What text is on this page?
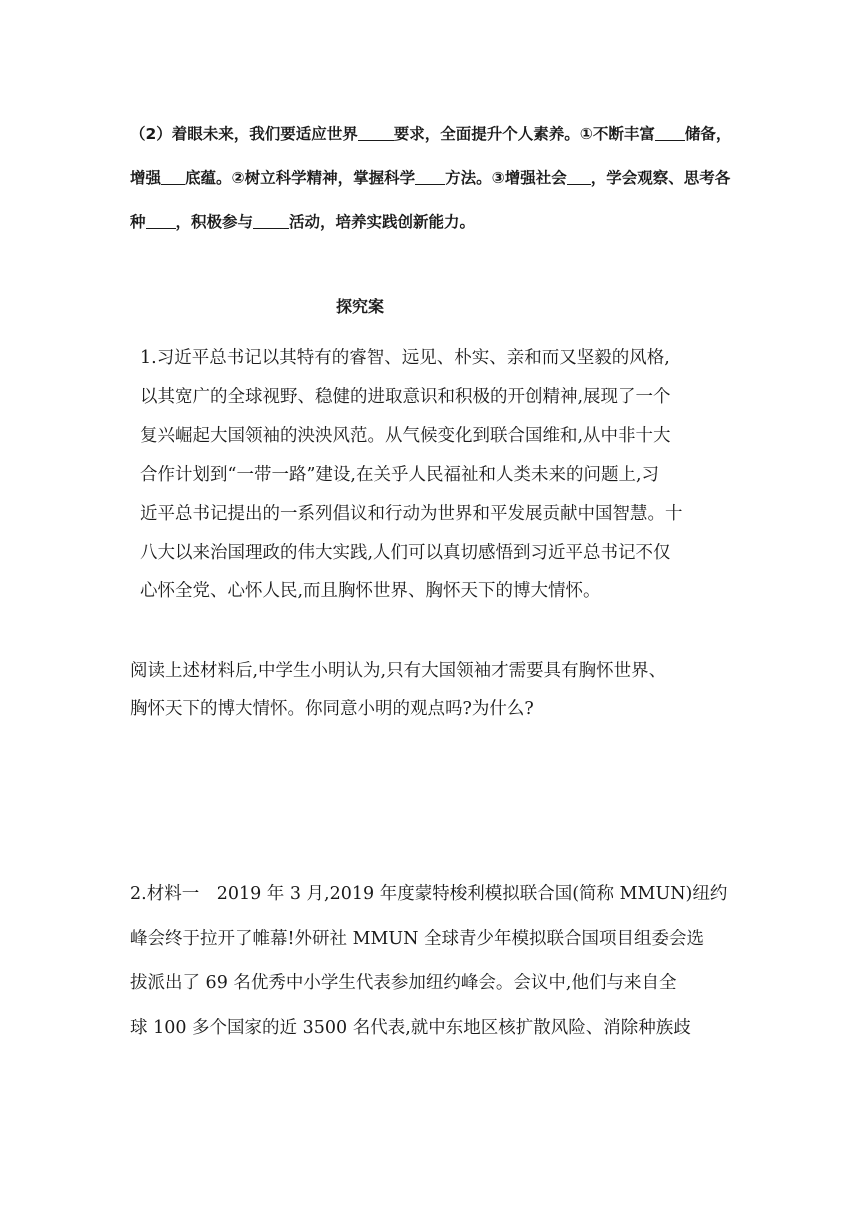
（2）着眼未来，我们要适应世界 要求，全面提升个人素养。①不断丰富 储备，增强 底蕴。②树立科学精神，掌握科学 方法。③增强社会 ，学会观察、思考各种 ，积极参与 活动，培养实践创新能力。

探究案

1.习近平总书记以其特有的睿智、远见、朴实、亲和而又坚毅的风格,
以其宽广的全球视野、稳健的进取意识和积极的开创精神,展现了一个
复兴崛起大国领袖的泱泱风范。从气候变化到联合国维和,从中非十大
合作计划到“一带一路”建设,在关乎人民福祉和人类未来的问题上,习
近平总书记提出的一系列倡议和行动为世界和平发展贡献中国智慧。十
八大以来治国理政的伟大实践,人们可以真切感悟到习近平总书记不仅
心怀全党、心怀人民,而且胸怀世界、胸怀天下的博大情怀。

阅读上述材料后,中学生小明认为,只有大国领袖才需要具有胸怀世界、
胸怀天下的博大情怀。你同意小明的观点吗?为什么?

2.材料一　2019 年 3 月,2019 年度蒙特梭利模拟联合国(简称 MMUN)纽约
峰会终于拉开了帷幕!外研社 MMUN 全球青少年模拟联合国项目组委会选
拔派出了 69 名优秀中小学生代表参加纽约峰会。会议中,他们与来自全
球 100 多个国家的近 3500 名代表,就中东地区核扩散风险、消除种族歧
